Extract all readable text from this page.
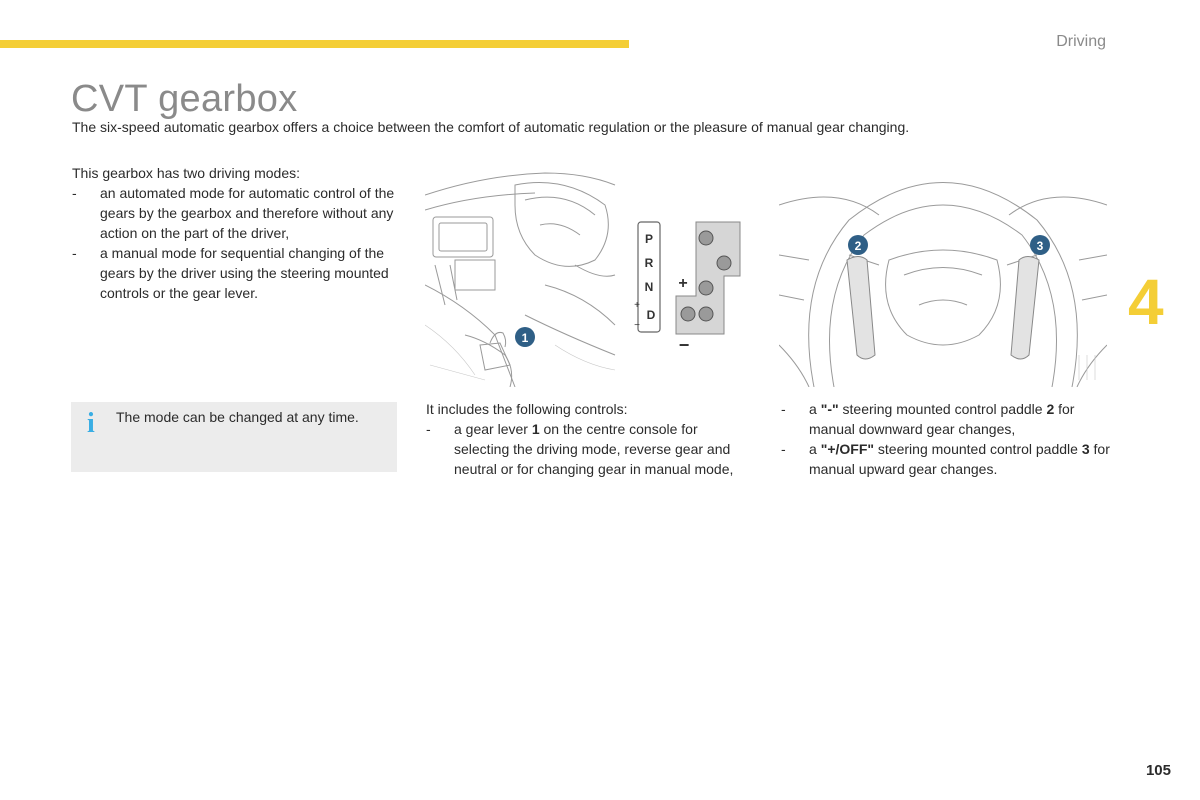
Driving
CVT gearbox
The six-speed automatic gearbox offers a choice between the comfort of automatic regulation or the pleasure of manual gear changing.
This gearbox has two driving modes:
-	an automated mode for automatic control of the gears by the gearbox and therefore without any action on the part of the driver,
-	a manual mode for sequential changing of the gears by the driver using the steering mounted controls or the gear lever.
i The mode can be changed at any time.
1
P
R
N
D
+
−
+
−
2	3
It includes the following controls:
-	a gear lever 1 on the centre console for selecting the driving mode, reverse gear and neutral or for changing gear in manual mode,
-	a "-" steering mounted control paddle 2 for manual downward gear changes,
-	a "+/OFF" steering mounted control paddle 3 for manual upward gear changes.
4
105
